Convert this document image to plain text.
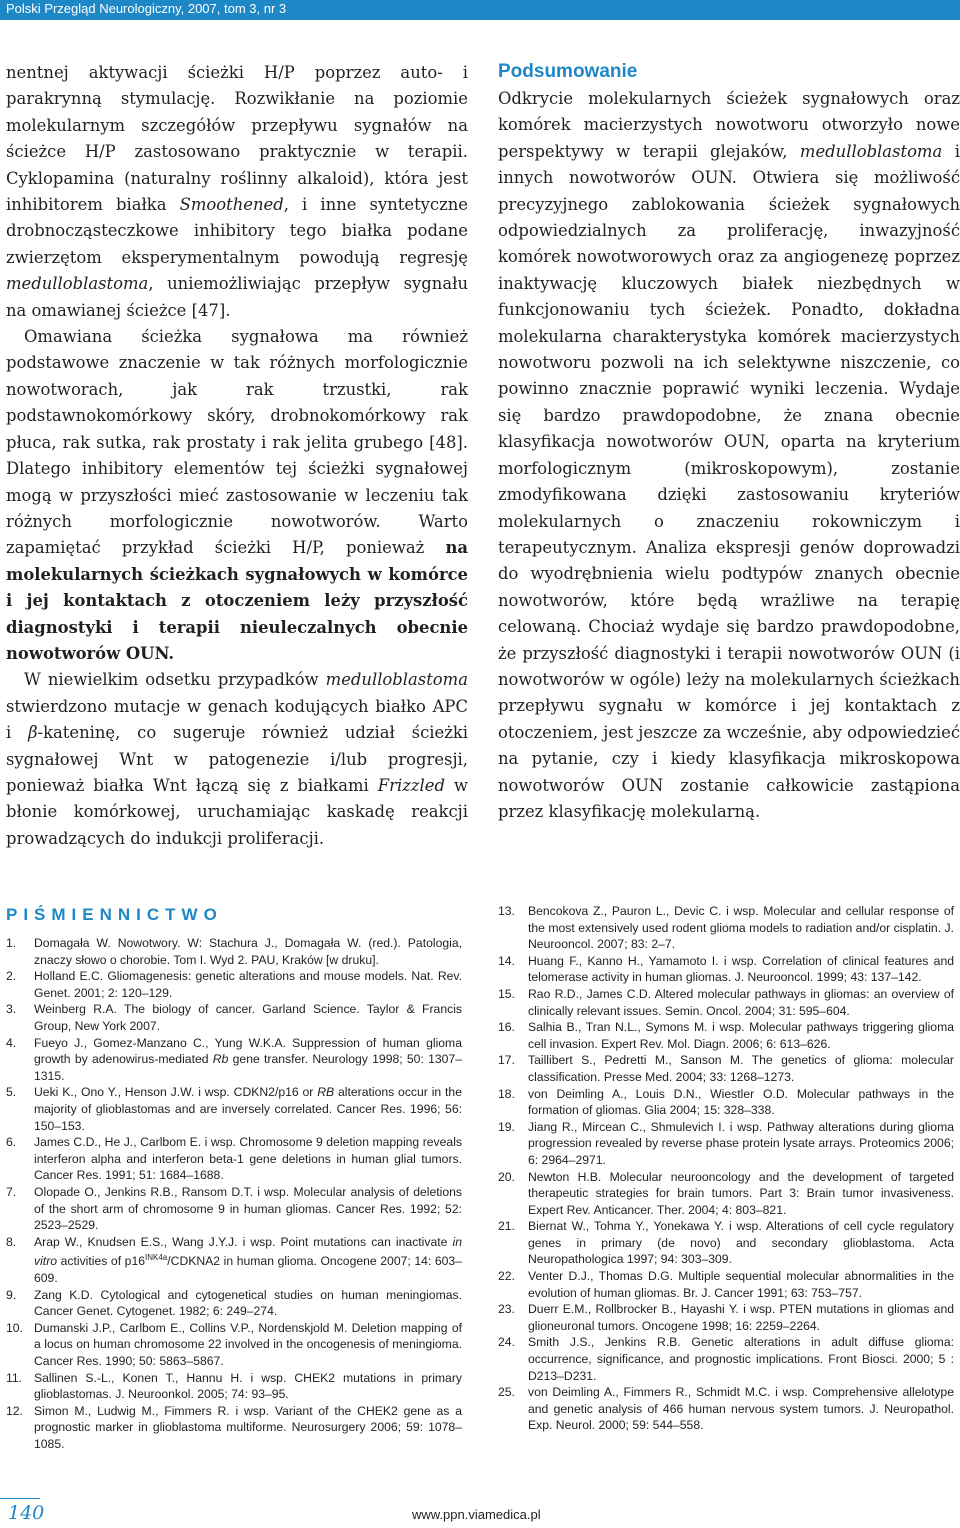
Polski Przegląd Neurologiczny, 2007, tom 3, nr 3

nentnej aktywacji ścieżki H/P poprzez auto- i parakrynną stymulację. Rozwikłanie na poziomie molekularnym szczegółów przepływu sygnałów na ścieżce H/P zastosowano praktycznie w terapii. Cyklopamina (naturalny roślinny alkaloid), która jest inhibitorem białka Smoothened, i inne syntetyczne drobnocząsteczkowe inhibitory tego białka podane zwierzętom eksperymentalnym powodują regresję medulloblastoma, uniemożliwiając przepływ sygnału na omawianej ścieżce [47].

Omawiana ścieżka sygnałowa ma również podstawowe znaczenie w tak różnych morfologicznie nowotworach, jak rak trzustki, rak podstawnokomórkowy skóry, drobnokomórkowy rak płuca, rak sutka, rak prostaty i rak jelita grubego [48]. Dlatego inhibitory elementów tej ścieżki sygnałowej mogą w przyszłości mieć zastosowanie w leczeniu tak różnych morfologicznie nowotworów. Warto zapamiętać przykład ścieżki H/P, ponieważ na molekularnych ścieżkach sygnałowych w komórce i jej kontaktach z otoczeniem leży przyszłość diagnostyki i terapii nieuleczalnych obecnie nowotworów OUN.

W niewielkim odsetku przypadków medulloblastoma stwierdzono mutacje w genach kodujących białko APC i β-kateninę, co sugeruje również udział ścieżki sygnałowej Wnt w patogenezie i/lub progresji, ponieważ białka Wnt łączą się z białkami Frizzled w błonie komórkowej, uruchamiając kaskadę reakcji prowadzących do indukcji proliferacji.

Podsumowanie

Odkrycie molekularnych ścieżek sygnałowych oraz komórek macierzystych nowotworu otworzyło nowe perspektywy w terapii glejaków, medulloblastoma i innych nowotworów OUN. Otwiera się możliwość precyzyjnego zablokowania ścieżek sygnałowych odpowiedzialnych za proliferację, inwazyjność komórek nowotworowych oraz za angiogenezę poprzez inaktywację kluczowych białek niezbędnych w funkcjonowaniu tych ścieżek. Ponadto, dokładna molekularna charakterystyka komórek macierzystych nowotworu pozwoli na ich selektywne niszczenie, co powinno znacznie poprawić wyniki leczenia. Wydaje się bardzo prawdopodobne, że znana obecnie klasyfikacja nowotworów OUN, oparta na kryterium morfologicznym (mikroskopowym), zostanie zmodyfikowana dzięki zastosowaniu kryteriów molekularnych o znaczeniu rokowniczym i terapeutycznym. Analiza ekspresji genów doprowadzi do wyodrębnienia wielu podtypów znanych obecnie nowotworów, które będą wrażliwe na terapię celowaną. Chociaż wydaje się bardzo prawdopodobne, że przyszłość diagnostyki i terapii nowotworów OUN (i nowotworów w ogóle) leży na molekularnych ścieżkach przepływu sygnału w komórce i jej kontaktach z otoczeniem, jest jeszcze za wcześnie, aby odpowiedzieć na pytanie, czy i kiedy klasyfikacja mikroskopowa nowotworów OUN zostanie całkowicie zastąpiona przez klasyfikację molekularną.

PIŚMIENNICTWO
1.	Domagała W. Nowotwory. W: Stachura J., Domagała W. (red.). Patologia, znaczy słowo o chorobie. Tom I. Wyd 2. PAU, Kraków [w druku].
2.	Holland E.C. Gliomagenesis: genetic alterations and mouse models. Nat. Rev. Genet. 2001; 2: 120–129.
3.	Weinberg R.A. The biology of cancer. Garland Science. Taylor & Francis Group, New York 2007.
4.	Fueyo J., Gomez-Manzano C., Yung W.K.A. Suppression of human glioma growth by adenowirus-mediated Rb gene transfer. Neurology 1998; 50: 1307–1315.
5.	Ueki K., Ono Y., Henson J.W. i wsp. CDKN2/p16 or RB alterations occur in the majority of glioblastomas and are inversely correlated. Cancer Res. 1996; 56: 150–153.
6.	James C.D., He J., Carlbom E. i wsp. Chromosome 9 deletion mapping reveals interferon alpha and interferon beta-1 gene deletions in human glial tumors. Cancer Res. 1991; 51: 1684–1688.
7.	Olopade O., Jenkins R.B., Ransom D.T. i wsp. Molecular analysis of deletions of the short arm of chromosome 9 in human gliomas. Cancer Res. 1992; 52: 2523–2529.
8.	Arap W., Knudsen E.S., Wang J.Y.J. i wsp. Point mutations can inactivate in vitro activities of $p16^{INK4a}/CDKNA2$ in human glioma. Oncogene 2007; 14: 603–609.
9.	Zang K.D. Cytological and cytogenetical studies on human meningiomas. Cancer Genet. Cytogenet. 1982; 6: 249–274.
10. Dumanski J.P., Carlbom E., Collins V.P., Nordenskjold M. Deletion mapping of a locus on human chromosome 22 involved in the oncogenesis of meningioma. Cancer Res. 1990; 50: 5863–5867.
11. Sallinen S.-L., Konen T., Hannu H. i wsp. CHEK2 mutations in primary glioblastomas. J. Neuroonkol. 2005; 74: 93–95.
12. Simon M., Ludwig M., Fimmers R. i wsp. Variant of the CHEK2 gene as a prognostic marker in glioblastoma multiforme. Neurosurgery 2006; 59: 1078–1085.
13.	Bencokova Z., Pauron L., Devic C. i wsp. Molecular and cellular response of the most extensively used rodent glioma models to radiation and/or cisplatin. J. Neurooncol. 2007; 83: 2–7.
14.	Huang F., Kanno H., Yamamoto I. i wsp. Correlation of clinical features and telomerase activity in human gliomas. J. Neurooncol. 1999; 43: 137–142.
15.	Rao R.D., James C.D. Altered molecular pathways in gliomas: an overview of clinically relevant issues. Semin. Oncol. 2004; 31: 595–604.
16.	Salhia B., Tran N.L., Symons M. i wsp. Molecular pathways triggering glioma cell invasion. Expert Rev. Mol. Diagn. 2006; 6: 613–626.
17.	Taillibert S., Pedretti M., Sanson M. The genetics of glioma: molecular classification. Presse Med. 2004; 33: 1268–1273.
18.	von Deimling A., Louis D.N., Wiestler O.D. Molecular pathways in the formation of gliomas. Glia 2004; 15: 328–338.
19.	Jiang R., Mircean C., Shmulevich I. i wsp. Pathway alterations during glioma progression revealed by reverse phase protein lysate arrays. Proteomics 2006; 6: 2964–2971.
20.	Newton H.B. Molecular neurooncology and the development of targeted therapeutic strategies for brain tumors. Part 3: Brain tumor invasiveness. Expert Rev. Anticancer. Ther. 2004; 4: 803–821.
21.	Biernat W., Tohma Y., Yonekawa Y. i wsp. Alterations of cell cycle regulatory genes in primary (de novo) and secondary glioblastoma. Acta Neuropathologica 1997; 94: 303–309.
22.	Venter D.J., Thomas D.G. Multiple sequential molecular abnormalities in the evolution of human gliomas. Br. J. Cancer 1991; 63: 753–757.
23.	Duerr E.M., Rollbrocker B., Hayashi Y. i wsp. PTEN mutations in gliomas and glioneuronal tumors. Oncogene 1998; 16: 2259–2264.
24.	Smith J.S., Jenkins R.B. Genetic alterations in adult diffuse glioma: occurrence, significance, and prognostic implications. Front Biosci. 2000; 5 : D213–D231.
25.	von Deimling A., Fimmers R., Schmidt M.C. i wsp. Comprehensive allelotype and genetic analysis of 466 human nervous system tumors. J. Neuropathol. Exp. Neurol. 2000; 59: 544–558.
140	www.ppn.viamedica.pl
